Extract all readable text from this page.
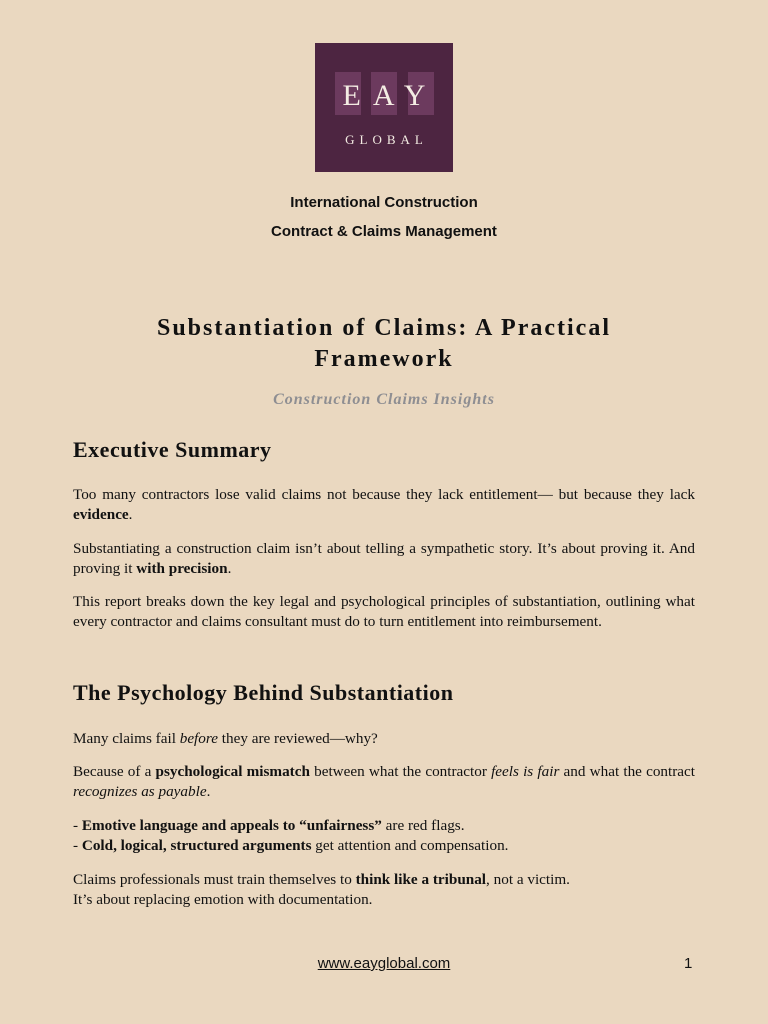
EAY
GLOBAL
International Construction
Contract & Claims Management
Substantiation of Claims: A Practical Framework
Construction Claims Insights
Executive Summary

Too many contractors lose valid claims not because they lack entitlement— but because they lack evidence.

Substantiating a construction claim isn’t about telling a sympathetic story. It’s about proving it. And proving it with precision.

This report breaks down the key legal and psychological principles of substantiation, outlining what every contractor and claims consultant must do to turn entitlement into reimbursement.

The Psychology Behind Substantiation

Many claims fail before they are reviewed—why?

Because of a psychological mismatch between what the contractor feels is fair and what the contract recognizes as payable.

- Emotive language and appeals to “unfairness” are red flags.
- Cold, logical, structured arguments get attention and compensation.

Claims professionals must train themselves to think like a tribunal, not a victim.
It’s about replacing emotion with documentation.

www.eayglobal.com	1
